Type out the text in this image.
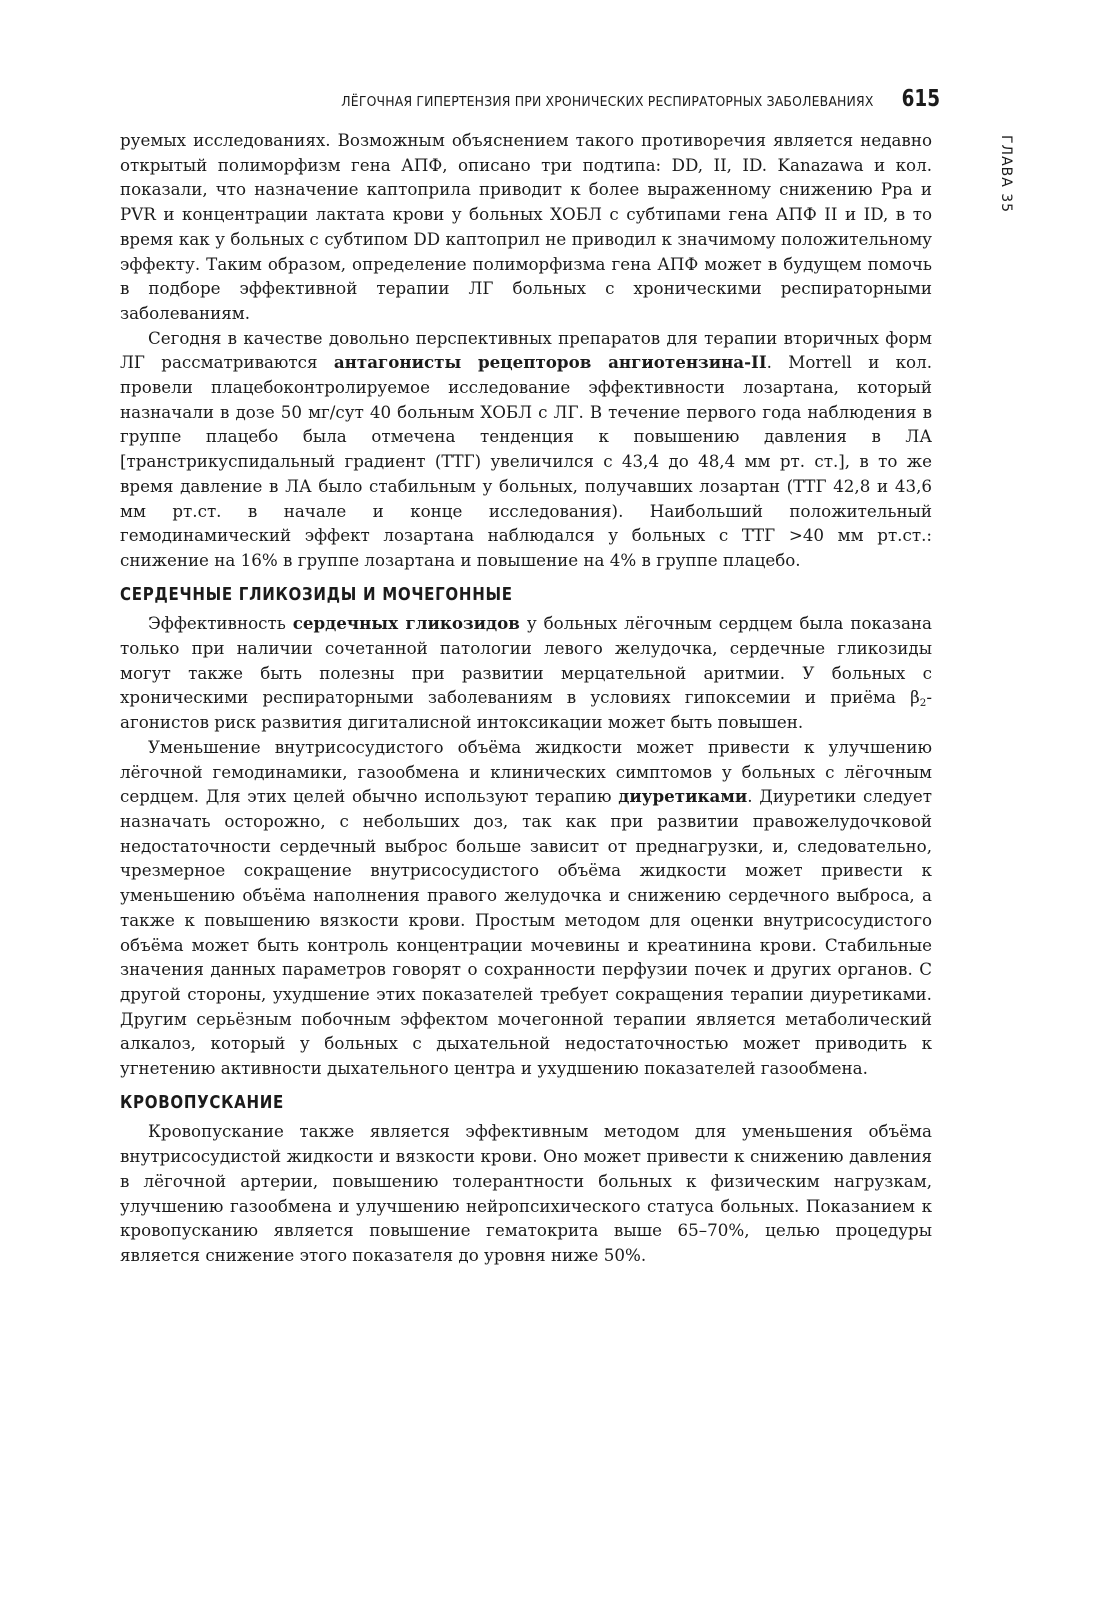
ЛЁГОЧНАЯ ГИПЕРТЕНЗИЯ ПРИ ХРОНИЧЕСКИХ РЕСПИРАТОРНЫХ ЗАБОЛЕВАНИЯХ 615
ГЛАВА 35

руемых исследованиях. Возможным объяснением такого противоречия является недавно открытый полиморфизм гена АПФ, описано три подтипа: DD, II, ID. Kanazawa и кол. показали, что назначение каптоприла приводит к более выраженному снижению Ppa и PVR и концентрации лактата крови у больных ХОБЛ с субтипами гена АПФ II и ID, в то время как у больных с субтипом DD каптоприл не приводил к значимому положительному эффекту. Таким образом, определение полиморфизма гена АПФ может в будущем помочь в подборе эффективной терапии ЛГ больных с хроническими респираторными заболеваниям.

Сегодня в качестве довольно перспективных препаратов для терапии вторичных форм ЛГ рассматриваются антагонисты рецепторов ангиотензина-II. Morrell и кол. провели плацебоконтролируемое исследование эффективности лозартана, который назначали в дозе 50 мг/сут 40 больным ХОБЛ с ЛГ. В течение первого года наблюдения в группе плацебо была отмечена тенденция к повышению давления в ЛА [транстрикуспидальный градиент (ТТГ) увеличился с 43,4 до 48,4 мм рт. ст.], в то же время давление в ЛА было стабильным у больных, получавших лозартан (ТТГ 42,8 и 43,6 мм рт.ст. в начале и конце исследования). Наибольший положительный гемодинамический эффект лозартана наблюдался у больных с ТТГ >40 мм рт.ст.: снижение на 16% в группе лозартана и повышение на 4% в группе плацебо.

СЕРДЕЧНЫЕ ГЛИКОЗИДЫ И МОЧЕГОННЫЕ

Эффективность сердечных гликозидов у больных лёгочным сердцем была показана только при наличии сочетанной патологии левого желудочка, сердечные гликозиды могут также быть полезны при развитии мерцательной аритмии. У больных с хроническими респираторными заболеваниям в условиях гипоксемии и приёма $\beta_2$-агонистов риск развития дигиталисной интоксикации может быть повышен.

Уменьшение внутрисосудистого объёма жидкости может привести к улучшению лёгочной гемодинамики, газообмена и клинических симптомов у больных с лёгочным сердцем. Для этих целей обычно используют терапию диуретиками. Диуретики следует назначать осторожно, с небольших доз, так как при развитии правожелудочковой недостаточности сердечный выброс больше зависит от преднагрузки, и, следовательно, чрезмерное сокращение внутрисосудистого объёма жидкости может привести к уменьшению объёма наполнения правого желудочка и снижению сердечного выброса, а также к повышению вязкости крови. Простым методом для оценки внутрисосудистого объёма может быть контроль концентрации мочевины и креатинина крови. Стабильные значения данных параметров говорят о сохранности перфузии почек и других органов. С другой стороны, ухудшение этих показателей требует сокращения терапии диуретиками. Другим серьёзным побочным эффектом мочегонной терапии является метаболический алкалоз, который у больных с дыхательной недостаточностью может приводить к угнетению активности дыхательного центра и ухудшению показателей газообмена.

КРОВОПУСКАНИЕ

Кровопускание также является эффективным методом для уменьшения объёма внутрисосудистой жидкости и вязкости крови. Оно может привести к снижению давления в лёгочной артерии, повышению толерантности больных к физическим нагрузкам, улучшению газообмена и улучшению нейропсихического статуса больных. Показанием к кровопусканию является повышение гематокрита выше 65–70%, целью процедуры является снижение этого показателя до уровня ниже 50%.
